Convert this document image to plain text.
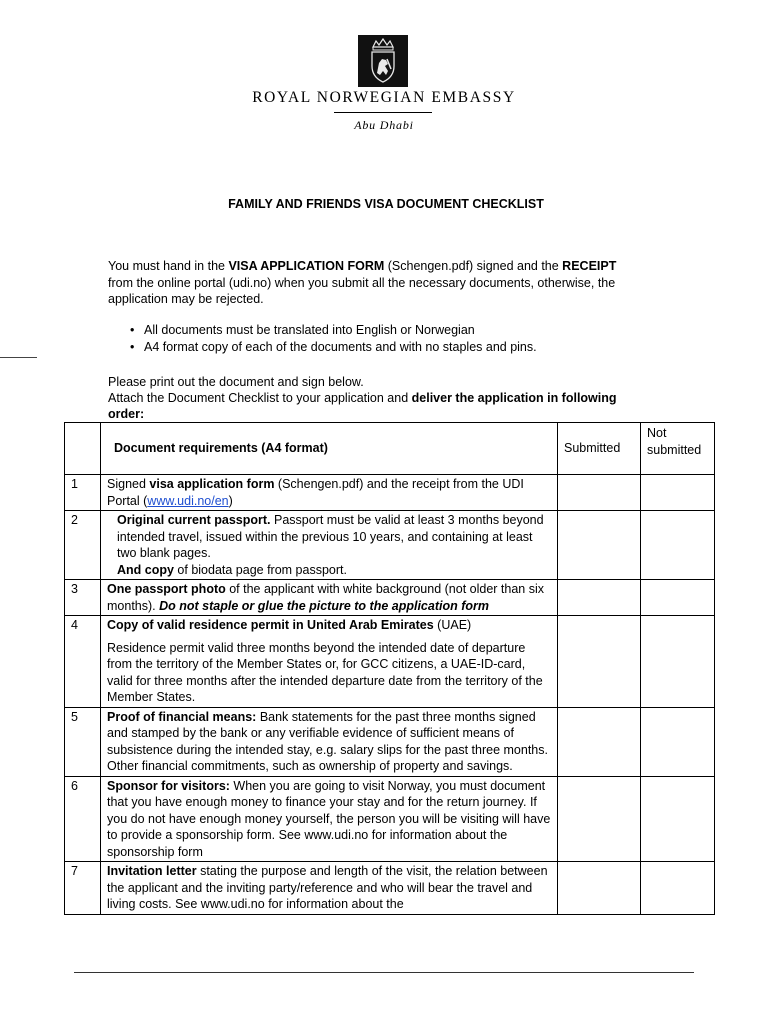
ROYAL NORWEGIAN EMBASSY
Abu Dhabi
FAMILY AND FRIENDS VISA DOCUMENT CHECKLIST
You must hand in the VISA APPLICATION FORM (Schengen.pdf) signed and the RECEIPT from the online portal (udi.no) when you submit all the necessary documents, otherwise, the application may be rejected.
• All documents must be translated into English or Norwegian
• A4 format copy of each of the documents and with no staples and pins.
Please print out the document and sign below.
Attach the Document Checklist to your application and deliver the application in following order:
	Document requirements (A4 format)	Submitted	Not submitted
1	Signed visa application form (Schengen.pdf) and the receipt from the UDI Portal (www.udi.no/en)		
2	Original current passport. Passport must be valid at least 3 months beyond intended travel, issued within the previous 10 years, and containing at least two blank pages.
And copy of biodata page from passport.		

3	One passport photo of the applicant with white background (not older than six months). Do not staple or glue the picture to the application form		
4	Copy of valid residence permit in United Arab Emirates (UAE)
Residence permit valid three months beyond the intended date of departure from the territory of the Member States or, for GCC citizens, a UAE-ID-card, valid for three months after the intended departure date from the territory of the Member States.		

5	Proof of financial means: Bank statements for the past three months signed and stamped by the bank or any verifiable evidence of sufficient means of subsistence during the intended stay, e.g. salary slips for the past three months. Other financial commitments, such as ownership of property and savings.		
6	Sponsor for visitors: When you are going to visit Norway, you must document that you have enough money to finance your stay and for the return journey. If you do not have enough money yourself, the person you will be visiting will have to provide a sponsorship form. See www.udi.no for information about the sponsorship form		
7	Invitation letter stating the purpose and length of the visit, the relation between the applicant and the inviting party/reference and who will bear the travel and living costs. See www.udi.no for information about the		
